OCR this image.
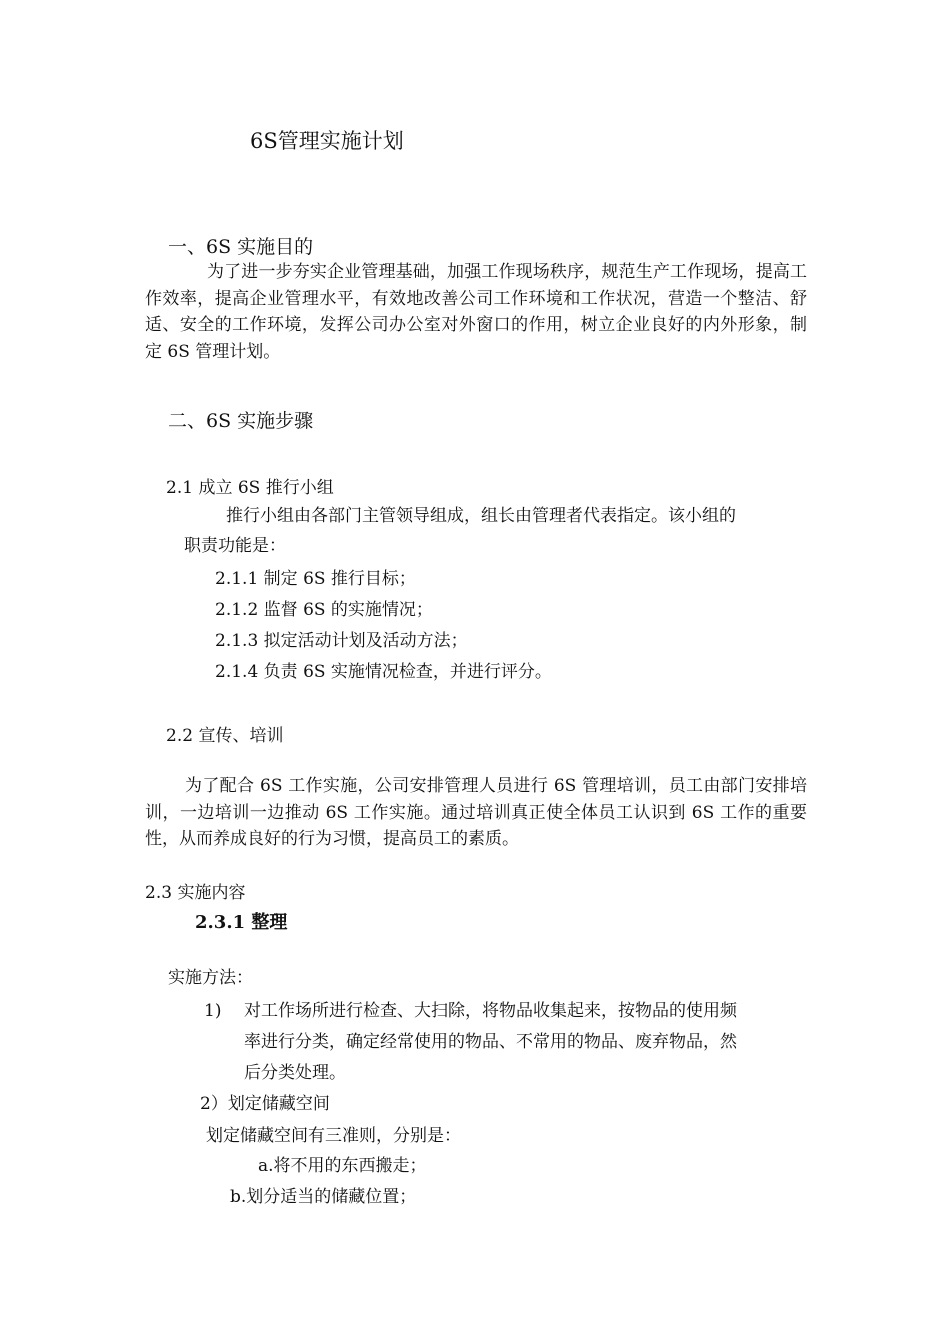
6S管理实施计划
一、6S 实施目的
为了进一步夯实企业管理基础，加强工作现场秩序，规范生产工作现场，提高工作效率，提高企业管理水平，有效地改善公司工作环境和工作状况，营造一个整洁、舒适、安全的工作环境，发挥公司办公室对外窗口的作用，树立企业良好的内外形象，制定 6S 管理计划。
二、6S 实施步骤
2.1 成立 6S 推行小组
推行小组由各部门主管领导组成，组长由管理者代表指定。该小组的
职责功能是：
2.1.1 制定 6S 推行目标；
2.1.2 监督 6S 的实施情况；
2.1.3 拟定活动计划及活动方法；
2.1.4 负责 6S 实施情况检查，并进行评分。
2.2 宣传、培训
为了配合 6S 工作实施，公司安排管理人员进行 6S 管理培训，员工由部门安排培训，一边培训一边推动 6S 工作实施。通过培训真正使全体员工认识到 6S 工作的重要性，从而养成良好的行为习惯，提高员工的素质。
2.3 实施内容
2.3.1 整理
实施方法：
1) 对工作场所进行检查、大扫除，将物品收集起来，按物品的使用频
率进行分类，确定经常使用的物品、不常用的物品、废弃物品，然
后分类处理。
2）划定储藏空间
划定储藏空间有三准则，分别是：
a.将不用的东西搬走；
b.划分适当的储藏位置；
